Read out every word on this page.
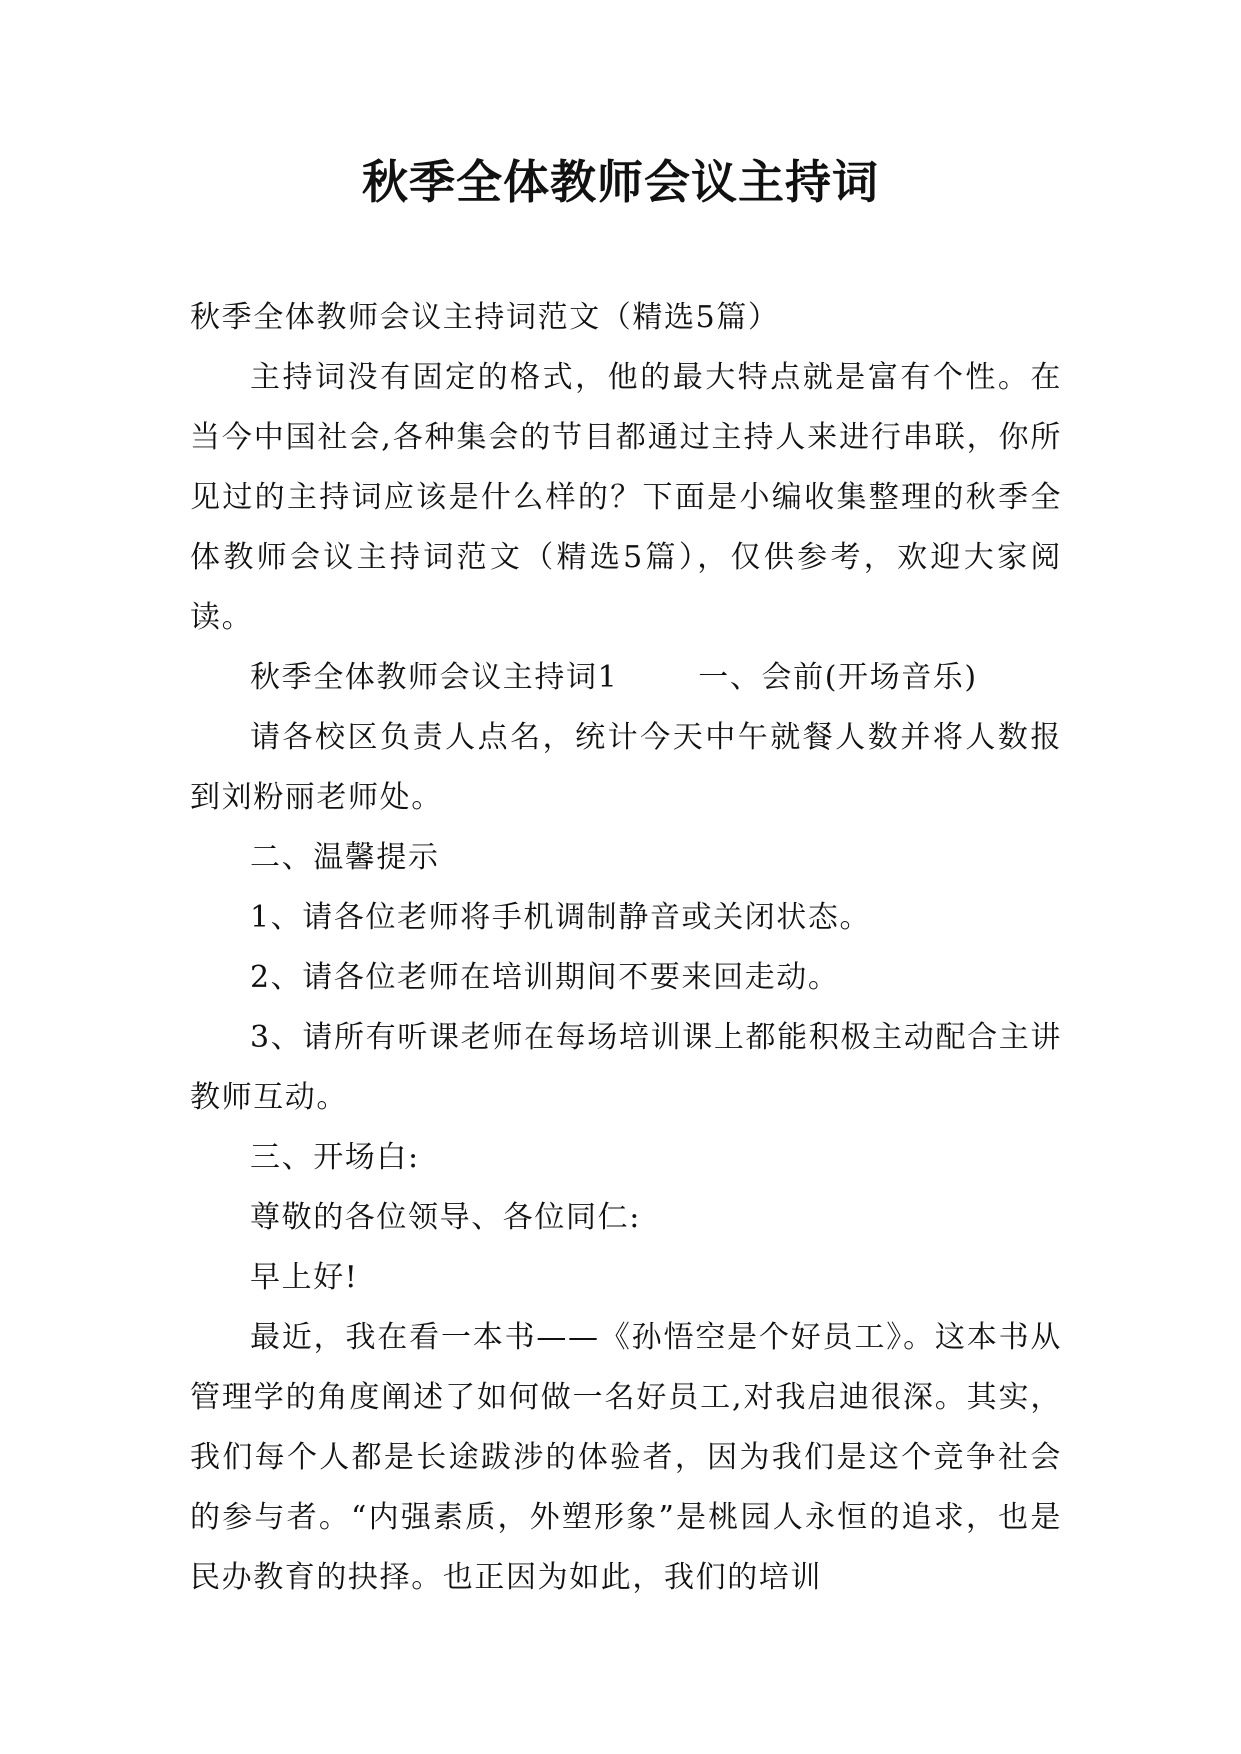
秋季全体教师会议主持词

秋季全体教师会议主持词范文（精选5篇）

主持词没有固定的格式，他的最大特点就是富有个性。在当今中国社会,各种集会的节目都通过主持人来进行串联，你所见过的主持词应该是什么样的？下面是小编收集整理的秋季全体教师会议主持词范文（精选5篇），仅供参考，欢迎大家阅读。

秋季全体教师会议主持词1	一、会前(开场音乐)

请各校区负责人点名，统计今天中午就餐人数并将人数报到刘粉丽老师处。

二、温馨提示

1、请各位老师将手机调制静音或关闭状态。

2、请各位老师在培训期间不要来回走动。

3、请所有听课老师在每场培训课上都能积极主动配合主讲教师互动。

三、开场白:

尊敬的各位领导、各位同仁:

早上好!

最近，我在看一本书——《孙悟空是个好员工》。这本书从管理学的角度阐述了如何做一名好员工,对我启迪很深。其实，我们每个人都是长途跋涉的体验者，因为我们是这个竞争社会的参与者。“内强素质，外塑形象”是桃园人永恒的追求，也是民办教育的抉择。也正因为如此，我们的培训
